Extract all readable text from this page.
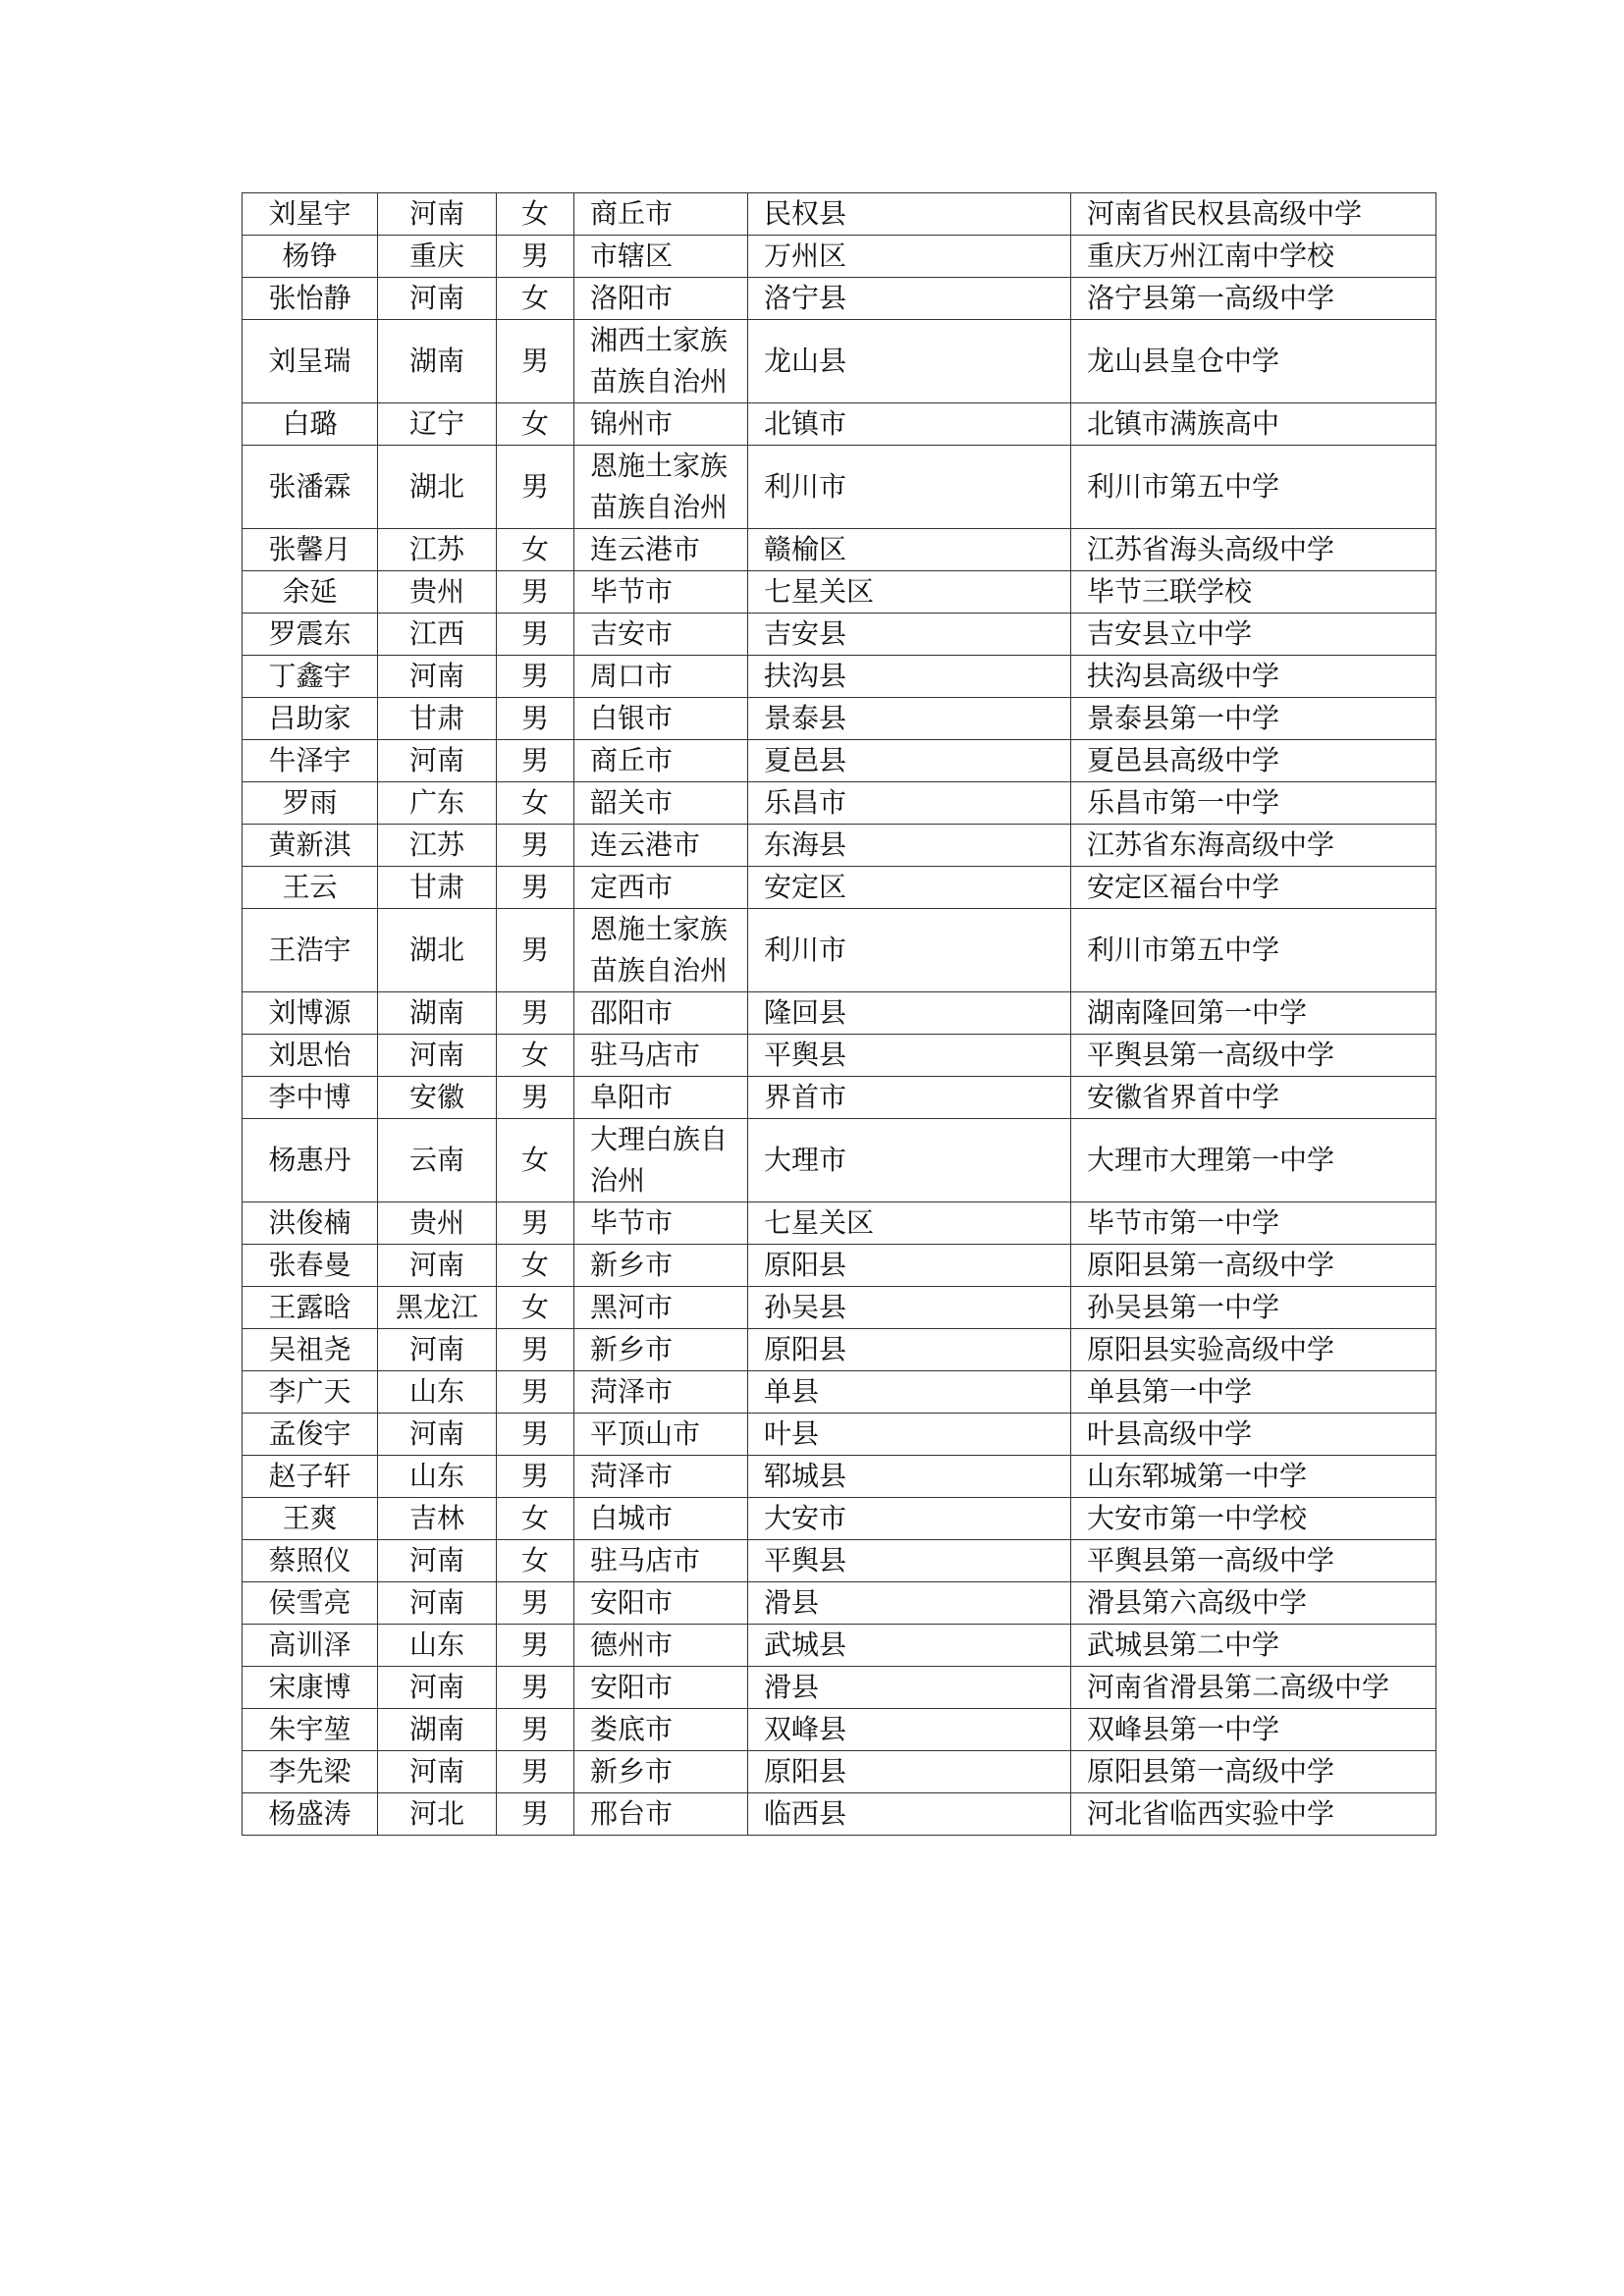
刘星宇	河南	女	商丘市	民权县	河南省民权县高级中学
杨铮	重庆	男	市辖区	万州区	重庆万州江南中学校
张怡静	河南	女	洛阳市	洛宁县	洛宁县第一高级中学
刘呈瑞	湖南	男	湘西土家族苗族自治州	龙山县	龙山县皇仓中学
白璐	辽宁	女	锦州市	北镇市	北镇市满族高中
张潘霖	湖北	男	恩施土家族苗族自治州	利川市	利川市第五中学
张馨月	江苏	女	连云港市	赣榆区	江苏省海头高级中学
余延	贵州	男	毕节市	七星关区	毕节三联学校
罗震东	江西	男	吉安市	吉安县	吉安县立中学
丁鑫宇	河南	男	周口市	扶沟县	扶沟县高级中学
吕助家	甘肃	男	白银市	景泰县	景泰县第一中学
牛泽宇	河南	男	商丘市	夏邑县	夏邑县高级中学
罗雨	广东	女	韶关市	乐昌市	乐昌市第一中学
黄新淇	江苏	男	连云港市	东海县	江苏省东海高级中学
王云	甘肃	男	定西市	安定区	安定区福台中学
王浩宇	湖北	男	恩施土家族苗族自治州	利川市	利川市第五中学
刘博源	湖南	男	邵阳市	隆回县	湖南隆回第一中学
刘思怡	河南	女	驻马店市	平舆县	平舆县第一高级中学
李中博	安徽	男	阜阳市	界首市	安徽省界首中学
杨惠丹	云南	女	大理白族自治州	大理市	大理市大理第一中学
洪俊楠	贵州	男	毕节市	七星关区	毕节市第一中学
张春曼	河南	女	新乡市	原阳县	原阳县第一高级中学
王露晗	黑龙江	女	黑河市	孙吴县	孙吴县第一中学
吴祖尧	河南	男	新乡市	原阳县	原阳县实验高级中学
李广天	山东	男	菏泽市	单县	单县第一中学
孟俊宇	河南	男	平顶山市	叶县	叶县高级中学
赵子轩	山东	男	菏泽市	郓城县	山东郓城第一中学
王爽	吉林	女	白城市	大安市	大安市第一中学校
蔡照仪	河南	女	驻马店市	平舆县	平舆县第一高级中学
侯雪亮	河南	男	安阳市	滑县	滑县第六高级中学
高训泽	山东	男	德州市	武城县	武城县第二中学
宋康博	河南	男	安阳市	滑县	河南省滑县第二高级中学
朱宇堃	湖南	男	娄底市	双峰县	双峰县第一中学
李先梁	河南	男	新乡市	原阳县	原阳县第一高级中学
杨盛涛	河北	男	邢台市	临西县	河北省临西实验中学
